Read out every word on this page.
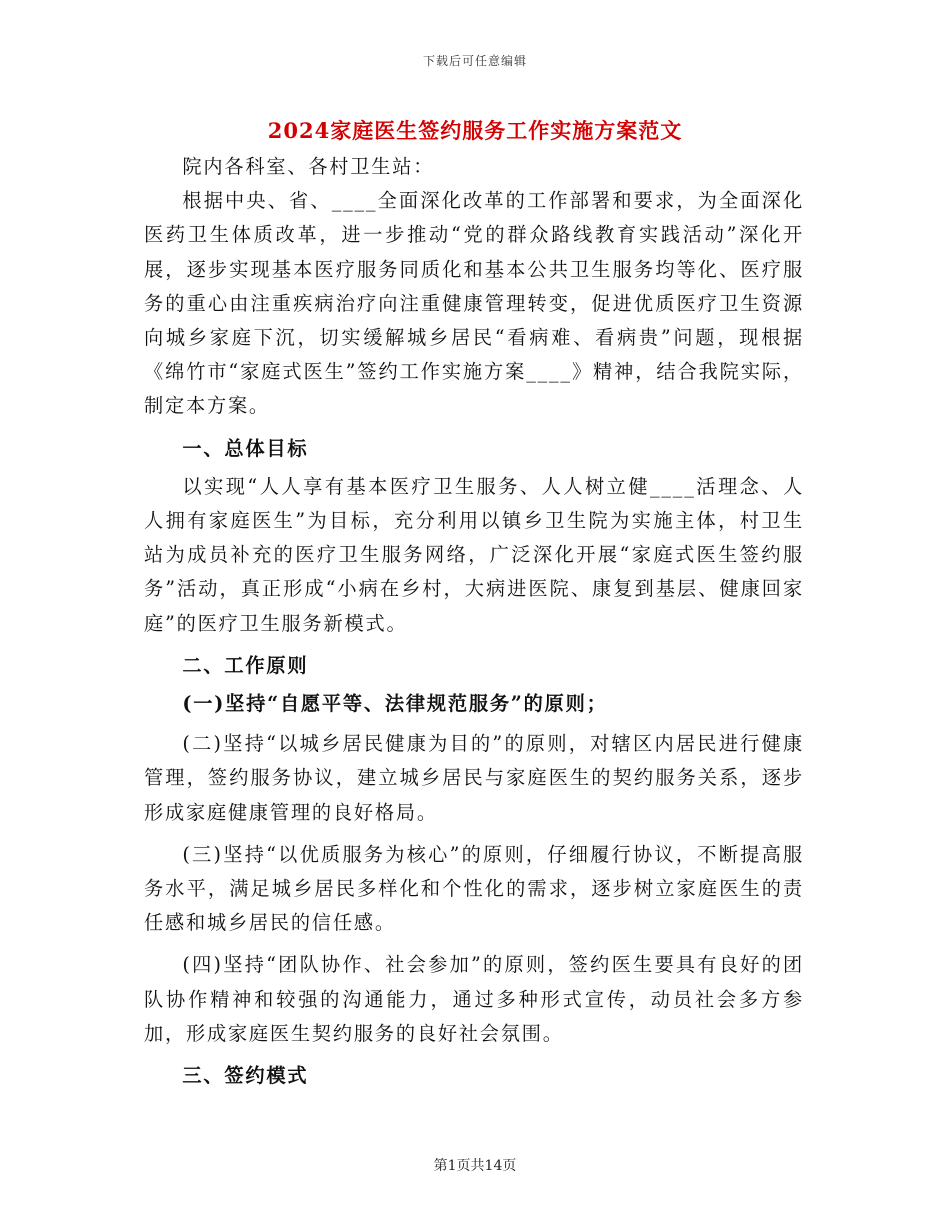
下载后可任意编辑
2024家庭医生签约服务工作实施方案范文

院内各科室、各村卫生站：

根据中央、省、____全面深化改革的工作部署和要求，为全面深化医药卫生体质改革，进一步推动“党的群众路线教育实践活动”深化开展，逐步实现基本医疗服务同质化和基本公共卫生服务均等化、医疗服务的重心由注重疾病治疗向注重健康管理转变，促进优质医疗卫生资源向城乡家庭下沉，切实缓解城乡居民“看病难、看病贵”问题，现根据《绵竹市“家庭式医生”签约工作实施方案____》精神，结合我院实际，制定本方案。

一、总体目标

以实现“人人享有基本医疗卫生服务、人人树立健____活理念、人人拥有家庭医生”为目标，充分利用以镇乡卫生院为实施主体，村卫生站为成员补充的医疗卫生服务网络，广泛深化开展“家庭式医生签约服务”活动，真正形成“小病在乡村，大病进医院、康复到基层、健康回家庭”的医疗卫生服务新模式。

二、工作原则

(一)坚持“自愿平等、法律规范服务”的原则；

(二)坚持“以城乡居民健康为目的”的原则，对辖区内居民进行健康管理，签约服务协议，建立城乡居民与家庭医生的契约服务关系，逐步形成家庭健康管理的良好格局。

(三)坚持“以优质服务为核心”的原则，仔细履行协议，不断提高服务水平，满足城乡居民多样化和个性化的需求，逐步树立家庭医生的责任感和城乡居民的信任感。

(四)坚持“团队协作、社会参加”的原则，签约医生要具有良好的团队协作精神和较强的沟通能力，通过多种形式宣传，动员社会多方参加，形成家庭医生契约服务的良好社会氛围。

三、签约模式

第1页共14页
